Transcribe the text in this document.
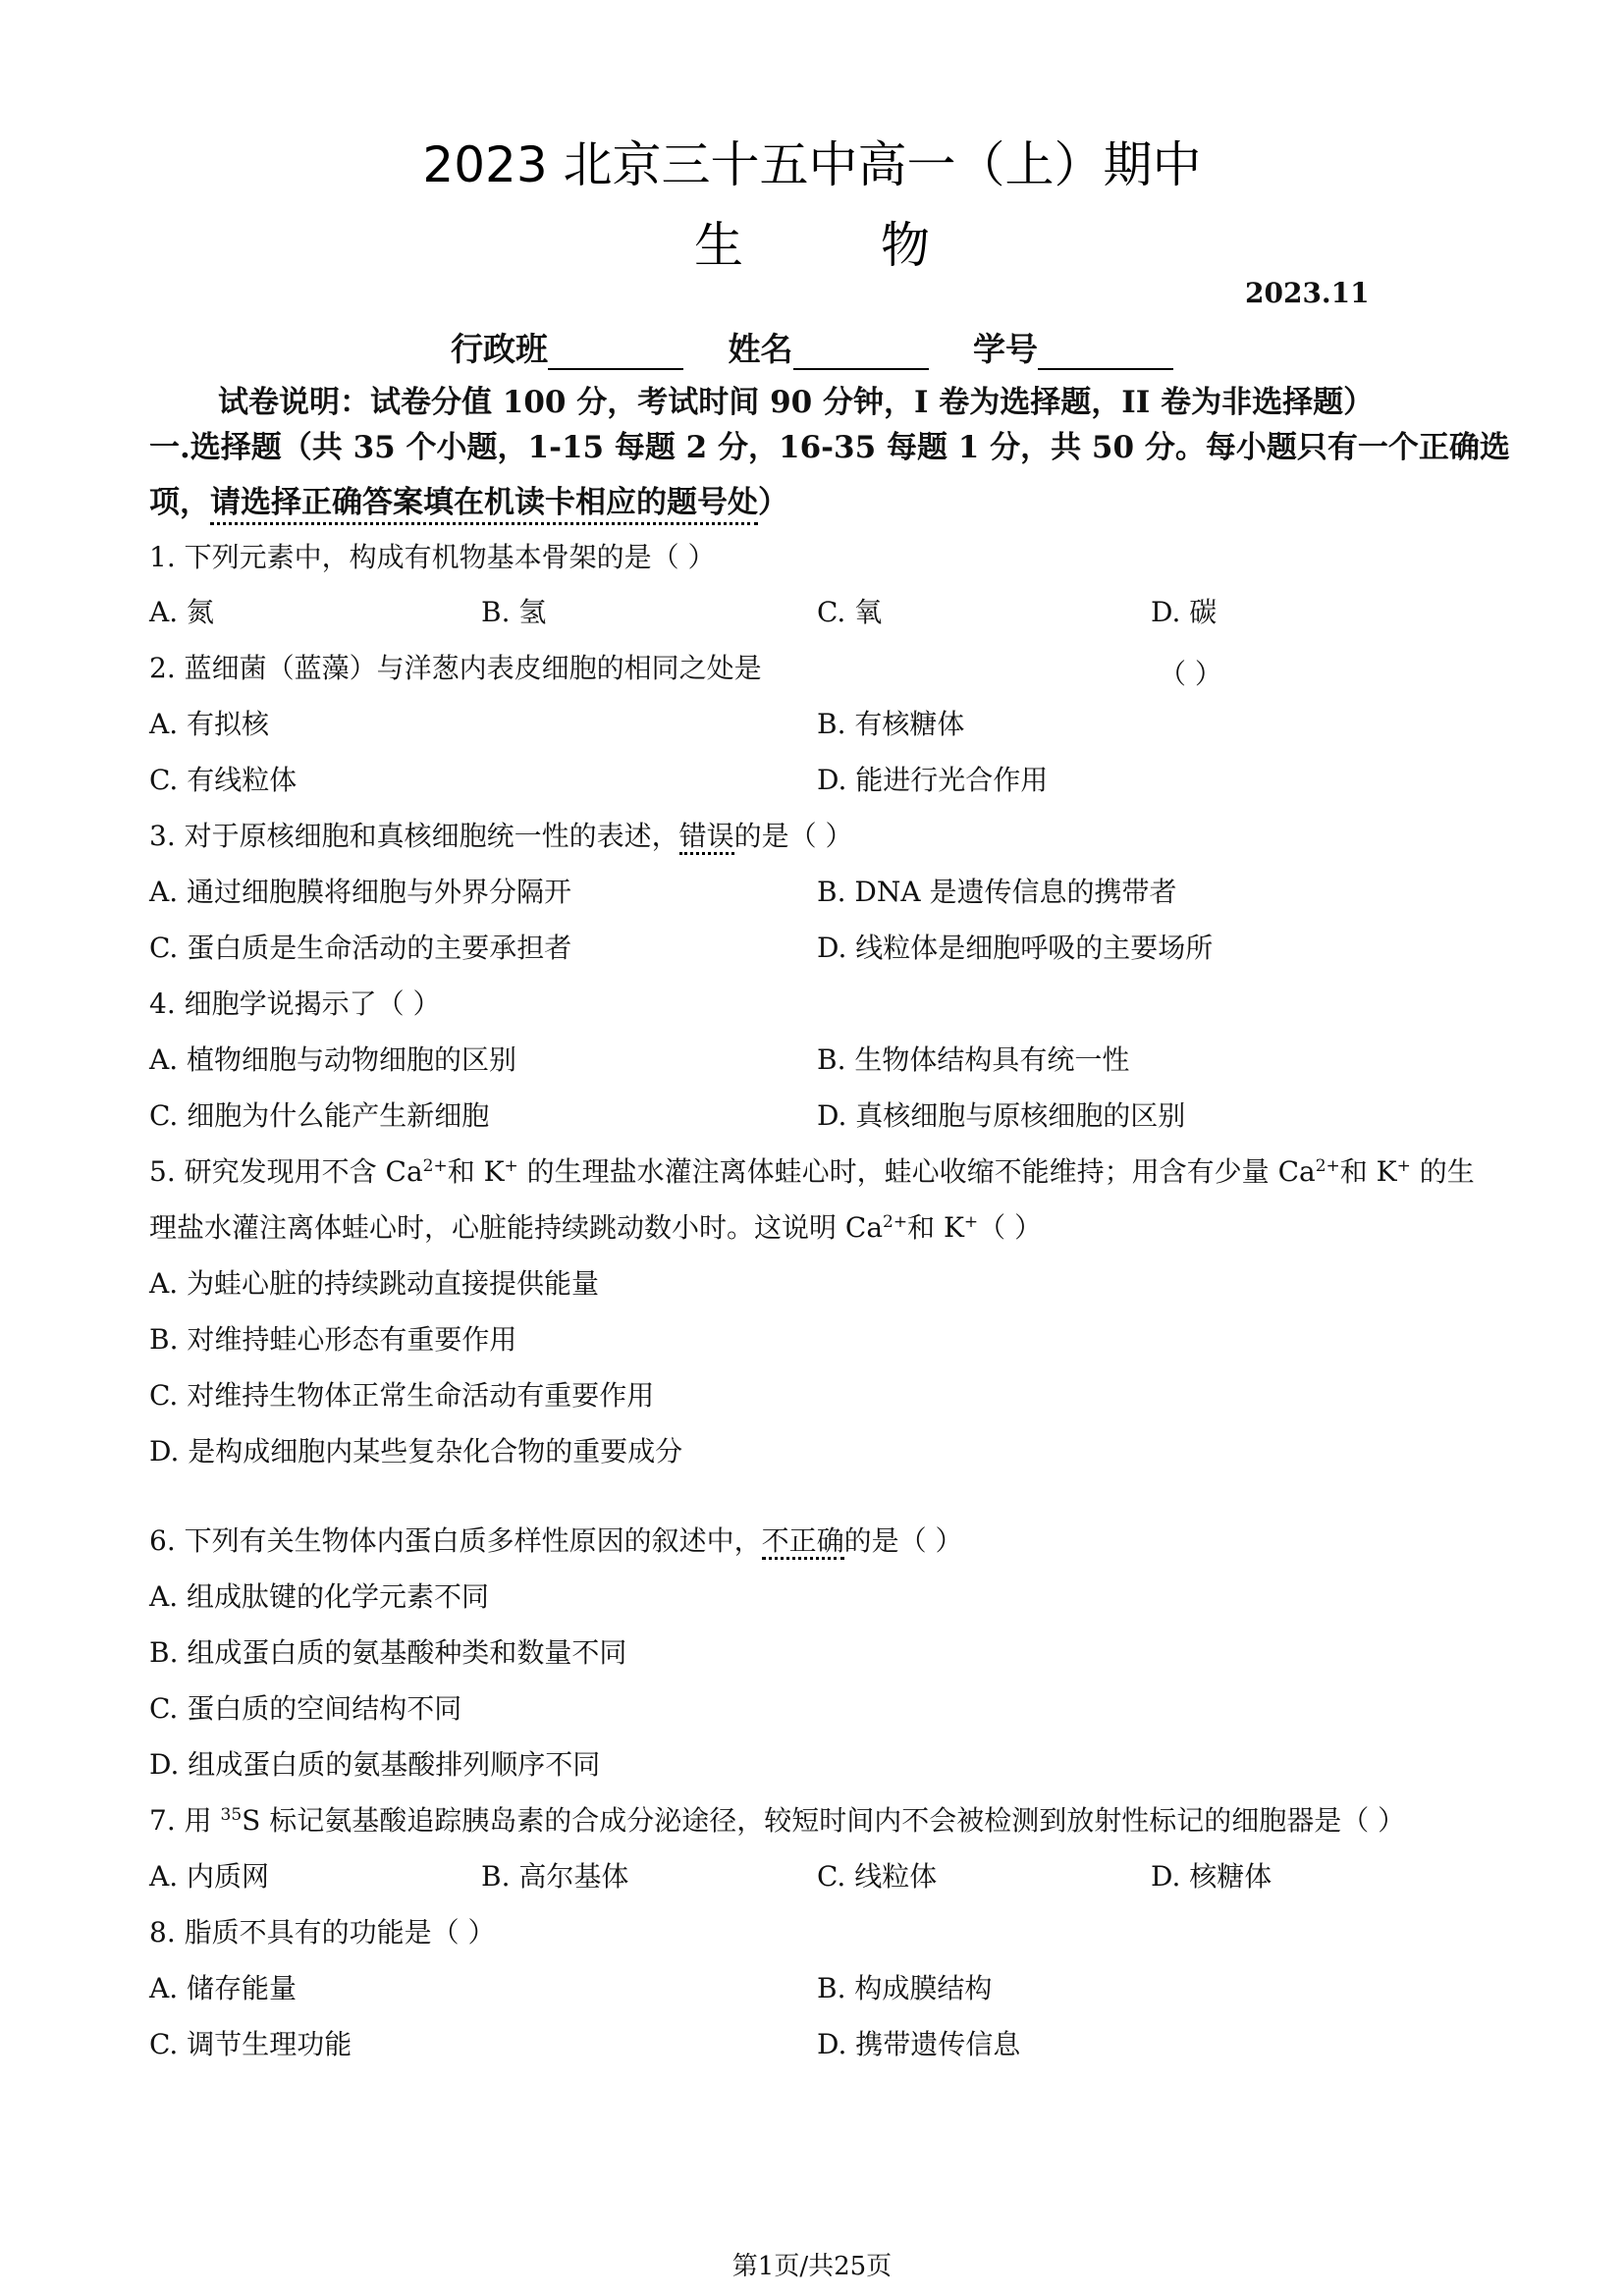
2023 北京三十五中高一（上）期中
生	物
2023.11
行政班	姓名	学号
试卷说明：试卷分值 100 分，考试时间 90 分钟，I 卷为选择题，II 卷为非选择题）
一.选择题（共 35 个小题，1-15 每题 2 分，16-35 每题 1 分，共 50 分。每小题只有一个正确选
项，请选择正确答案填在机读卡相应的题号处）
1. 下列元素中，构成有机物基本骨架的是（ ）
A. 氮	B. 氢	C. 氧	D. 碳
2. 蓝细菌（蓝藻）与洋葱内表皮细胞的相同之处是	（ ）
A. 有拟核	B. 有核糖体
C. 有线粒体	D. 能进行光合作用
3. 对于原核细胞和真核细胞统一性的表述，错误的是（ ）
A. 通过细胞膜将细胞与外界分隔开	B. DNA 是遗传信息的携带者
C. 蛋白质是生命活动的主要承担者	D. 线粒体是细胞呼吸的主要场所
4. 细胞学说揭示了（ ）
A. 植物细胞与动物细胞的区别	B. 生物体结构具有统一性
C. 细胞为什么能产生新细胞	D. 真核细胞与原核细胞的区别
5. 研究发现用不含 $Ca^{2+}$和 K+ 的生理盐水灌注离体蛙心时，蛙心收缩不能维持；用含有少量 $Ca^{2+}$和 K+ 的生
理盐水灌注离体蛙心时，心脏能持续跳动数小时。这说明 $Ca^{2+}$和 K+（ ）
A. 为蛙心脏的持续跳动直接提供能量
B. 对维持蛙心形态有重要作用
C. 对维持生物体正常生命活动有重要作用
D. 是构成细胞内某些复杂化合物的重要成分
6. 下列有关生物体内蛋白质多样性原因的叙述中，不正确的是（ ）
A. 组成肽键的化学元素不同
B. 组成蛋白质的氨基酸种类和数量不同
C. 蛋白质的空间结构不同
D. 组成蛋白质的氨基酸排列顺序不同
7. 用 $^{35}$S 标记氨基酸追踪胰岛素的合成分泌途径，较短时间内不会被检测到放射性标记的细胞器是（ ）
A. 内质网	B. 高尔基体	C. 线粒体	D. 核糖体
8. 脂质不具有的功能是（ ）
A. 储存能量	B. 构成膜结构
C. 调节生理功能	D. 携带遗传信息
第1页/共25页
